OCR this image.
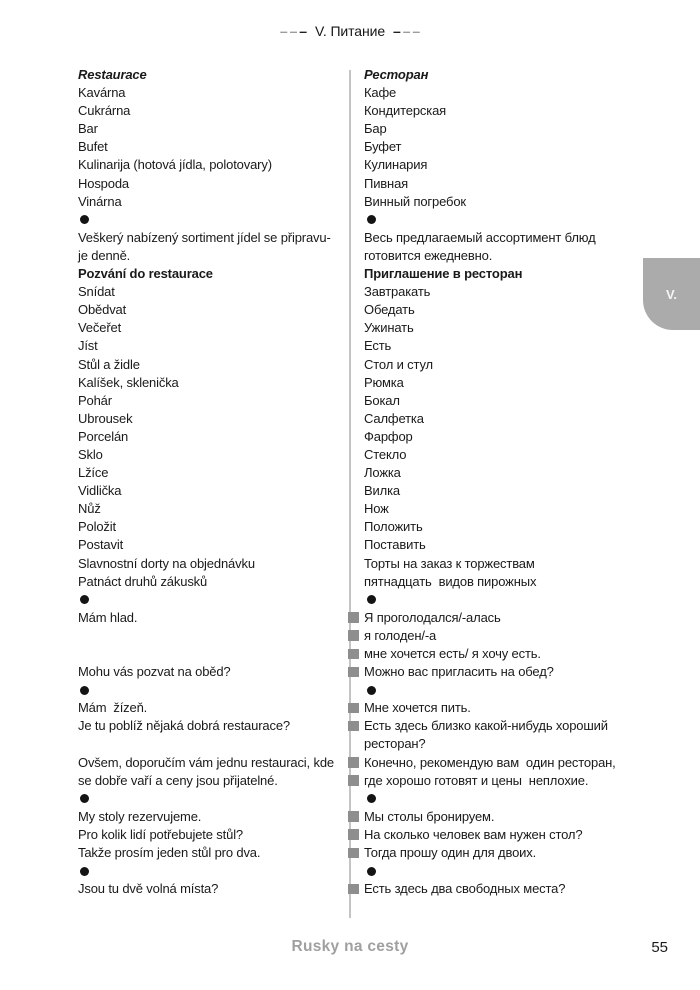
– – – V. Питание – – –
Restaurace	Ресторан
Kavárna	Кафе
Cukrárna	Кондитерская
Bar	Бар
Bufet	Буфет
Kulinarija (hotová jídla, polotovary)	Кулинария
Hospoda	Пивная
Vinárna	Винный погребок
Veškerý nabízený sortiment jídel se připravu-	Весь предлагаемый ассортимент блюд
je denně.	готовится ежедневно.
Pozvání do restaurace	Приглашение в ресторан
Snídat	Завтракать
Obědvat	Обедать
Večeřet	Ужинать
Jíst	Есть
Stůl a židle	Стол и стул
Kalíšek, sklenička	Рюмка
Pohár	Бокал
Ubrousek	Салфетка
Porcelán	Фарфор
Sklo	Стекло
Lžíce	Ложка
Vidlička	Вилка
Nůž	Нож
Položit	Положить
Postavit	Поставить
Slavnostní dorty na objednávku	Торты на заказ к торжествам
Patnáct druhů zákusků	пятнадцать  видов пирожных
Mám hlad.	Я проголодался/-алась
я голоден/-а
мне хочется есть/ я хочу есть.
Mohu vás pozvat na oběd?	Можно вас пригласить на обед?
Mám  žízeň.	Мне хочется пить.
Je tu poblíž nějaká dobrá restaurace?	Есть здесь близко какой-нибудь хороший
ресторан?
Ovšem, doporučím vám jednu restauraci, kde Конечно, рекомендую вам  один ресторан,
se dobře vaří a ceny jsou přijatelné.	где хорошо готовят и цены  неплохие.
My stoly rezervujeme.	Мы столы бронируем.
Pro kolik lidí potřebujete stůl?	На сколько человек вам нужен стол?
Takže prosím jeden stůl pro dva.	Тогда прошу один для двоих.
Jsou tu dvě volná místa?	Есть здесь два свободных места?
V.
Rusky na cesty	55
